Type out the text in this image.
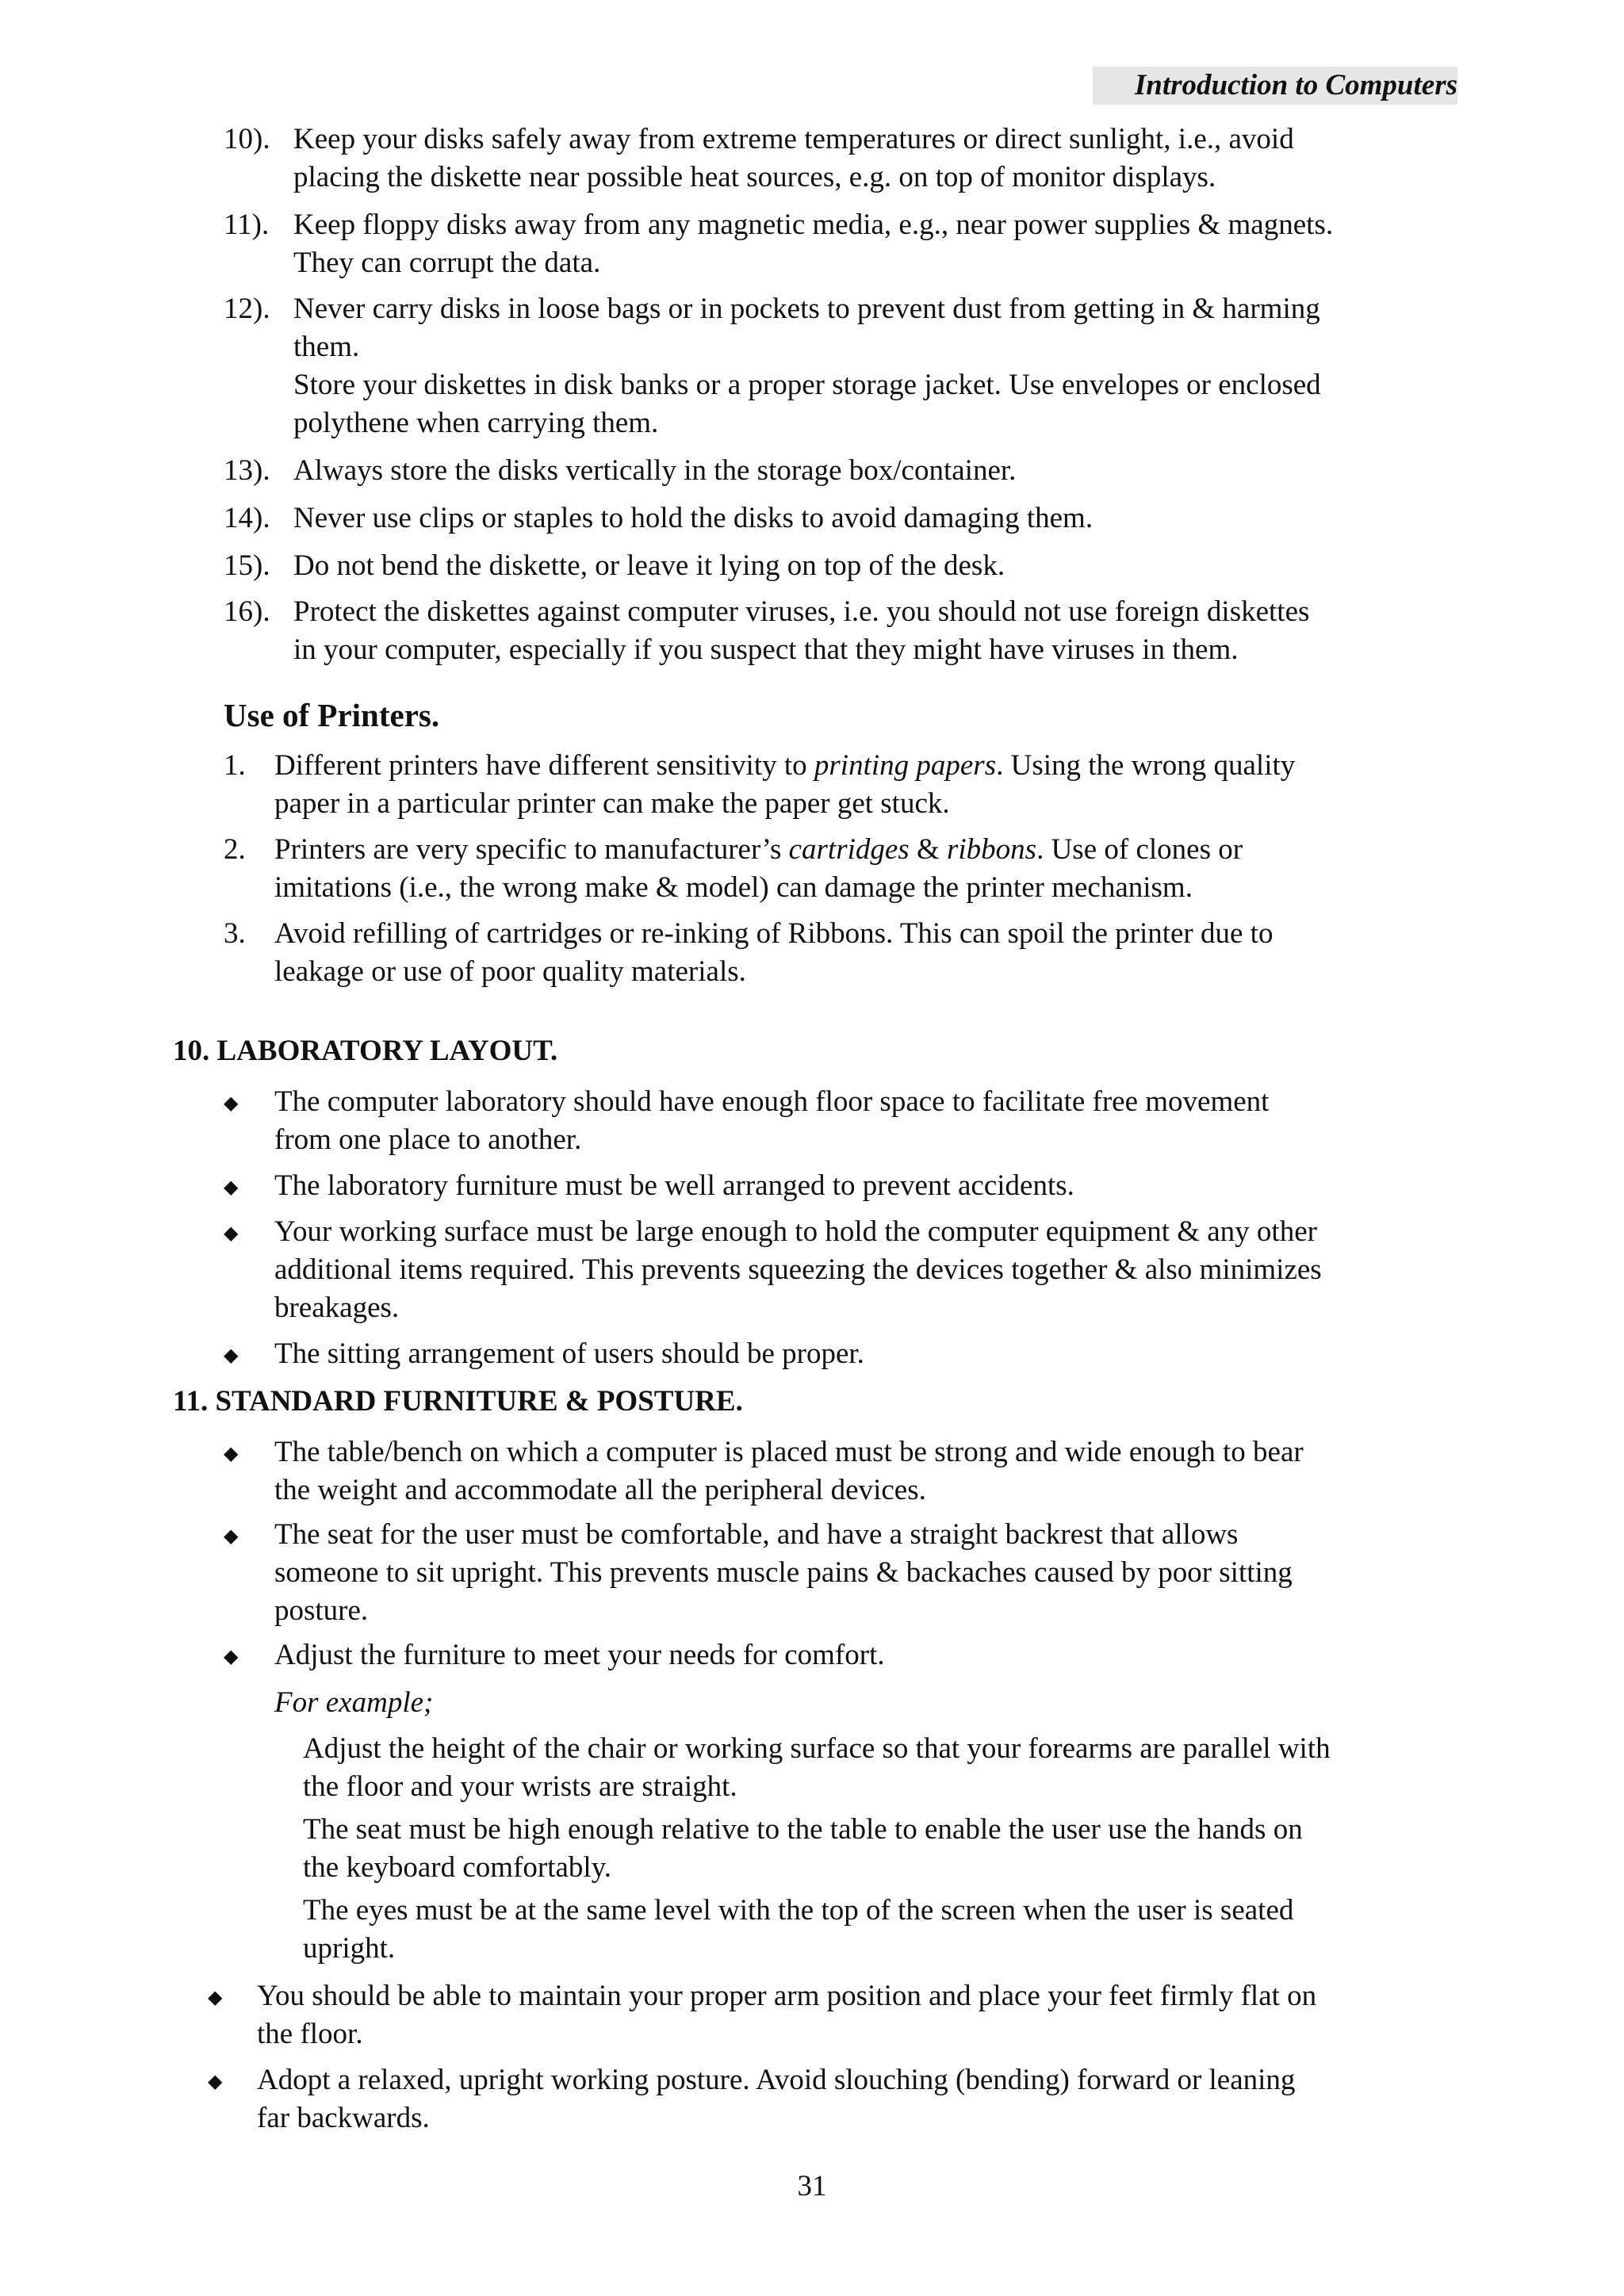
Introduction to Computers
10). Keep your disks safely away from extreme temperatures or direct sunlight, i.e., avoid
placing the diskette near possible heat sources, e.g. on top of monitor displays.
11). Keep floppy disks away from any magnetic media, e.g., near power supplies & magnets.
They can corrupt the data.
12). Never carry disks in loose bags or in pockets to prevent dust from getting in & harming
them.
Store your diskettes in disk banks or a proper storage jacket. Use envelopes or enclosed
polythene when carrying them.
13). Always store the disks vertically in the storage box/container.
14). Never use clips or staples to hold the disks to avoid damaging them.
15). Do not bend the diskette, or leave it lying on top of the desk.
16). Protect the diskettes against computer viruses, i.e. you should not use foreign diskettes
in your computer, especially if you suspect that they might have viruses in them.
Use of Printers.
1. Different printers have different sensitivity to printing papers. Using the wrong quality
paper in a particular printer can make the paper get stuck.
2. Printers are very specific to manufacturer’s cartridges & ribbons. Use of clones or
imitations (i.e., the wrong make & model) can damage the printer mechanism.
3. Avoid refilling of cartridges or re-inking of Ribbons. This can spoil the printer due to
leakage or use of poor quality materials.
10. LABORATORY LAYOUT.
◆ The computer laboratory should have enough floor space to facilitate free movement
from one place to another.
◆ The laboratory furniture must be well arranged to prevent accidents.
◆ Your working surface must be large enough to hold the computer equipment & any other
additional items required. This prevents squeezing the devices together & also minimizes
breakages.
◆ The sitting arrangement of users should be proper.
11. STANDARD FURNITURE & POSTURE.
◆ The table/bench on which a computer is placed must be strong and wide enough to bear
the weight and accommodate all the peripheral devices.
◆ The seat for the user must be comfortable, and have a straight backrest that allows
someone to sit upright. This prevents muscle pains & backaches caused by poor sitting
posture.
◆ Adjust the furniture to meet your needs for comfort.
For example;
Adjust the height of the chair or working surface so that your forearms are parallel with
the floor and your wrists are straight.
The seat must be high enough relative to the table to enable the user use the hands on
the keyboard comfortably.
The eyes must be at the same level with the top of the screen when the user is seated
upright.
◆ You should be able to maintain your proper arm position and place your feet firmly flat on
the floor.
◆ Adopt a relaxed, upright working posture. Avoid slouching (bending) forward or leaning
far backwards.
31
